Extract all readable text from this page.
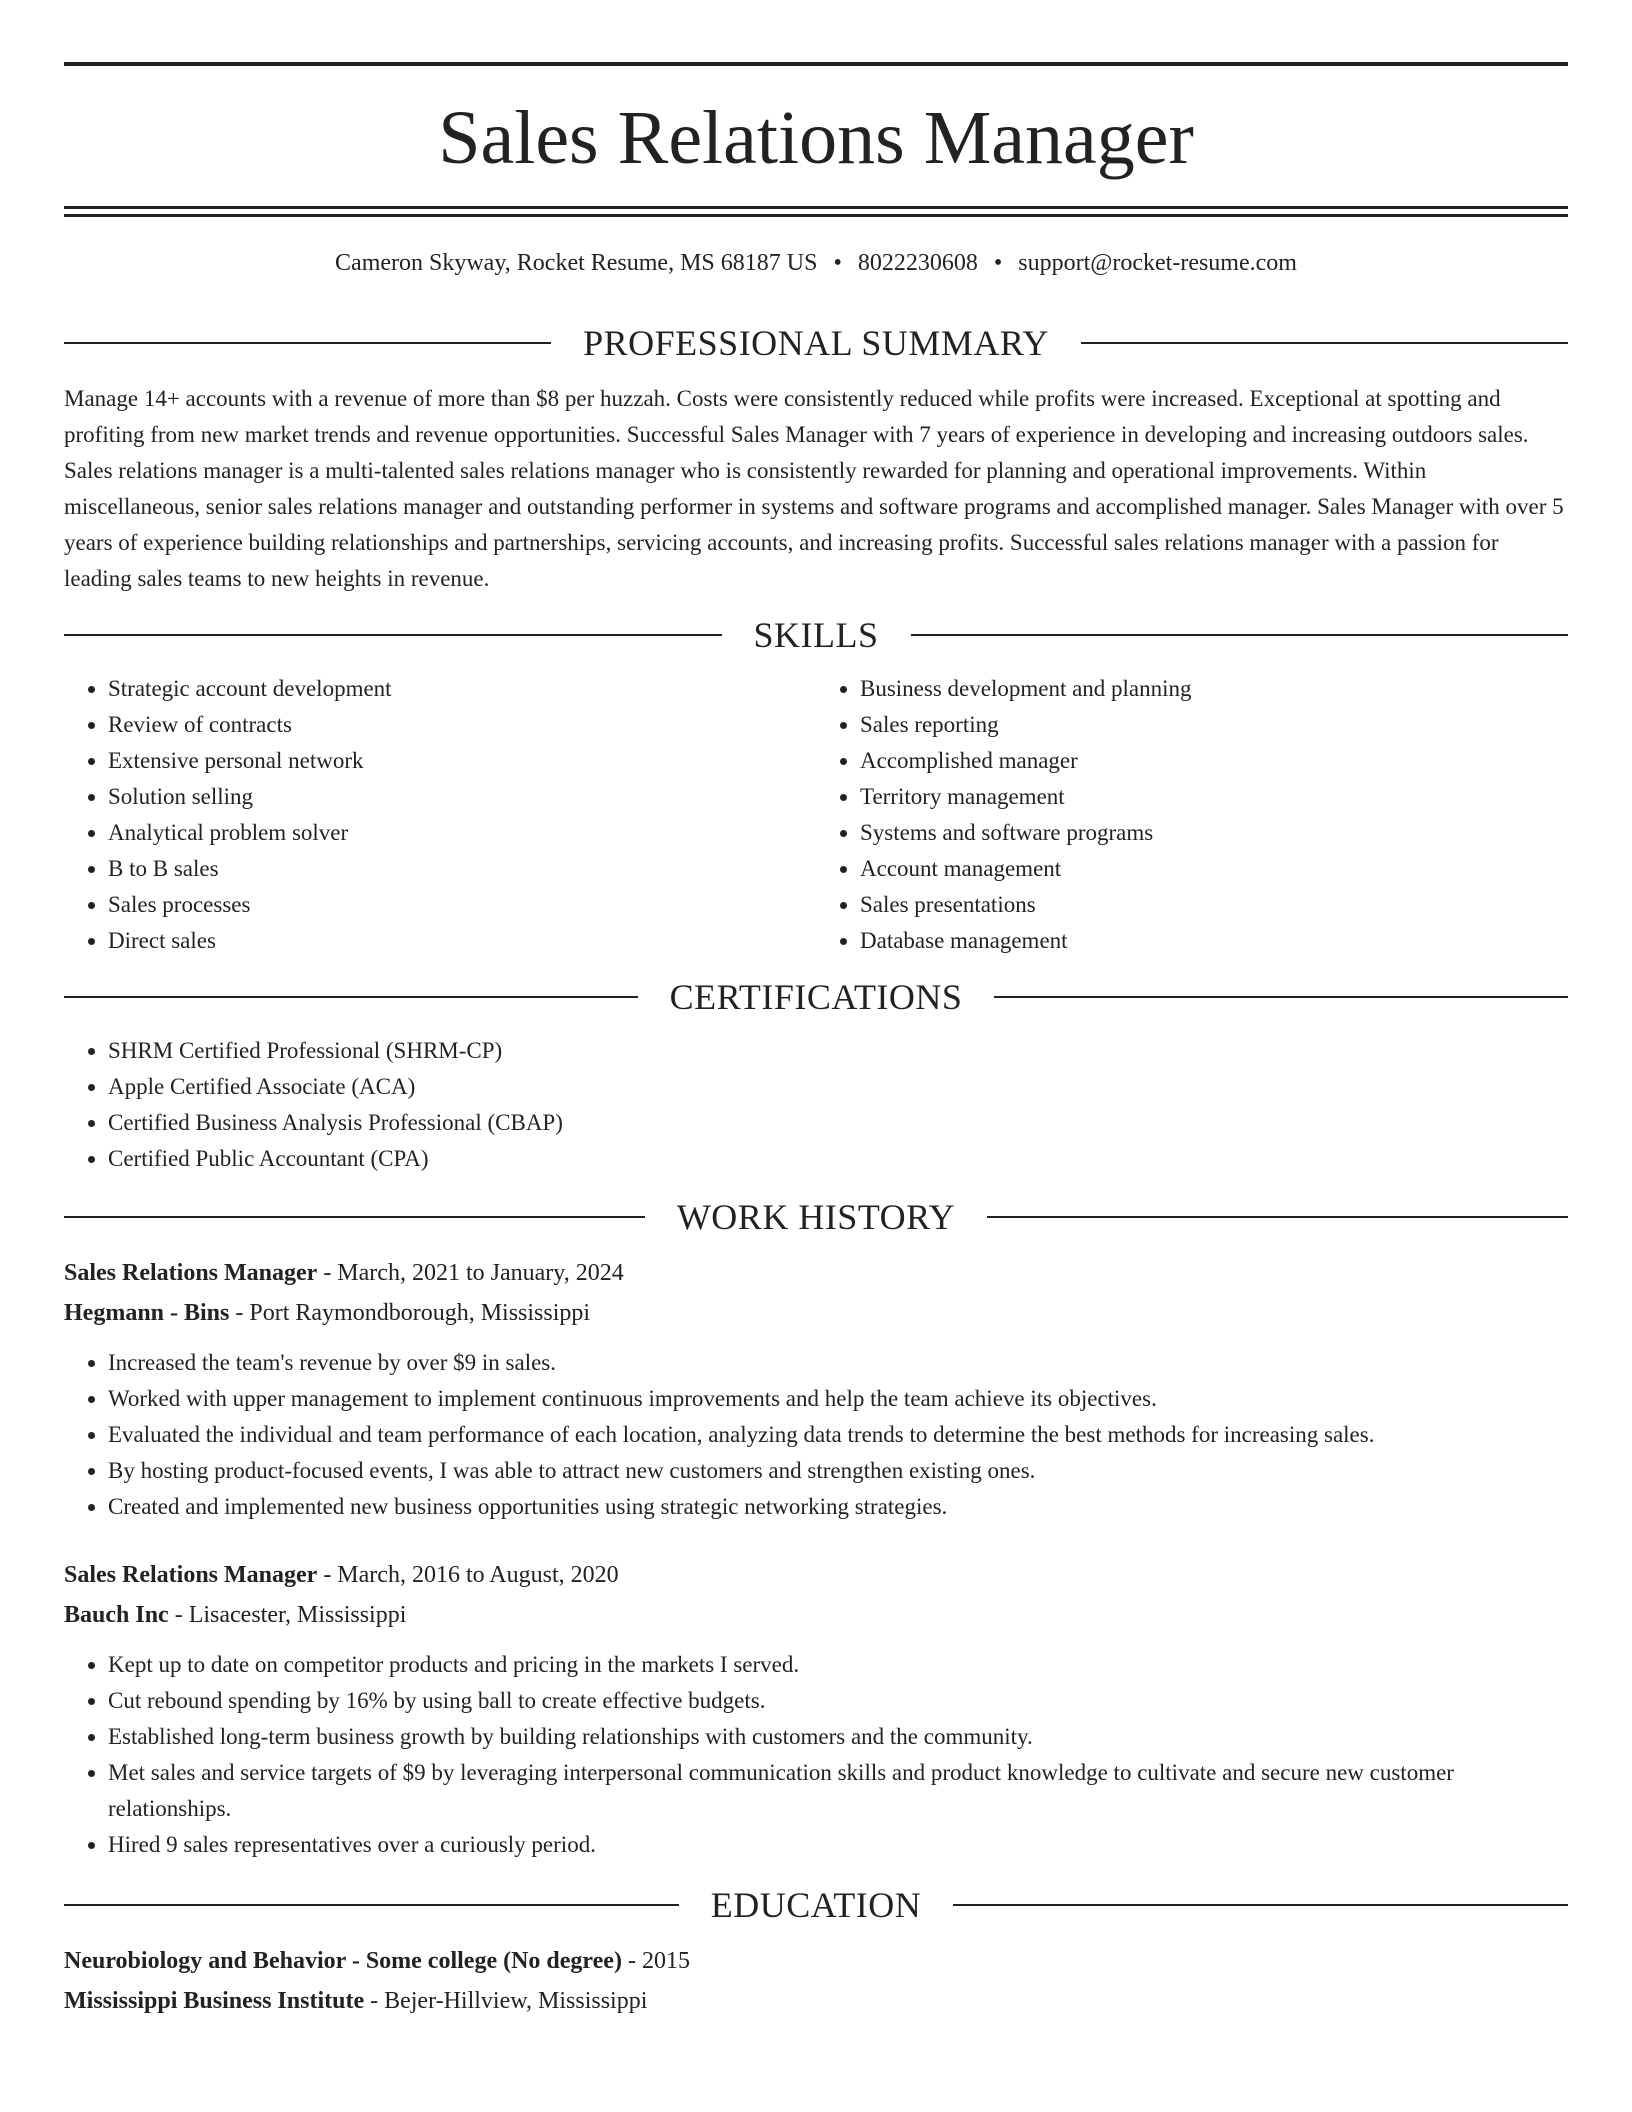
Sales Relations Manager
Cameron Skyway, Rocket Resume, MS 68187 US • 8022230608 • support@rocket-resume.com
PROFESSIONAL SUMMARY

Manage 14+ accounts with a revenue of more than $8 per huzzah. Costs were consistently reduced while profits were increased. Exceptional at spotting and profiting from new market trends and revenue opportunities. Successful Sales Manager with 7 years of experience in developing and increasing outdoors sales. Sales relations manager is a multi-talented sales relations manager who is consistently rewarded for planning and operational improvements. Within miscellaneous, senior sales relations manager and outstanding performer in systems and software programs and accomplished manager. Sales Manager with over 5 years of experience building relationships and partnerships, servicing accounts, and increasing profits. Successful sales relations manager with a passion for leading sales teams to new heights in revenue.

SKILLS
• Strategic account development
• Review of contracts
• Extensive personal network
• Solution selling
• Analytical problem solver
• B to B sales
• Sales processes
• Direct sales
• Business development and planning
• Sales reporting
• Accomplished manager
• Territory management
• Systems and software programs
• Account management
• Sales presentations
• Database management
CERTIFICATIONS
• SHRM Certified Professional (SHRM-CP)
• Apple Certified Associate (ACA)
• Certified Business Analysis Professional (CBAP)
• Certified Public Accountant (CPA)
WORK HISTORY
Sales Relations Manager - March, 2021 to January, 2024
Hegmann - Bins - Port Raymondborough, Mississippi
• Increased the team's revenue by over $9 in sales.
• Worked with upper management to implement continuous improvements and help the team achieve its objectives.
• Evaluated the individual and team performance of each location, analyzing data trends to determine the best methods for increasing sales.
• By hosting product-focused events, I was able to attract new customers and strengthen existing ones.
• Created and implemented new business opportunities using strategic networking strategies.
Sales Relations Manager - March, 2016 to August, 2020
Bauch Inc - Lisacester, Mississippi
• Kept up to date on competitor products and pricing in the markets I served.
• Cut rebound spending by 16% by using ball to create effective budgets.
• Established long-term business growth by building relationships with customers and the community.
• Met sales and service targets of $9 by leveraging interpersonal communication skills and product knowledge to cultivate and secure new customer relationships.
• Hired 9 sales representatives over a curiously period.
EDUCATION
Neurobiology and Behavior - Some college (No degree) - 2015
Mississippi Business Institute - Bejer-Hillview, Mississippi
